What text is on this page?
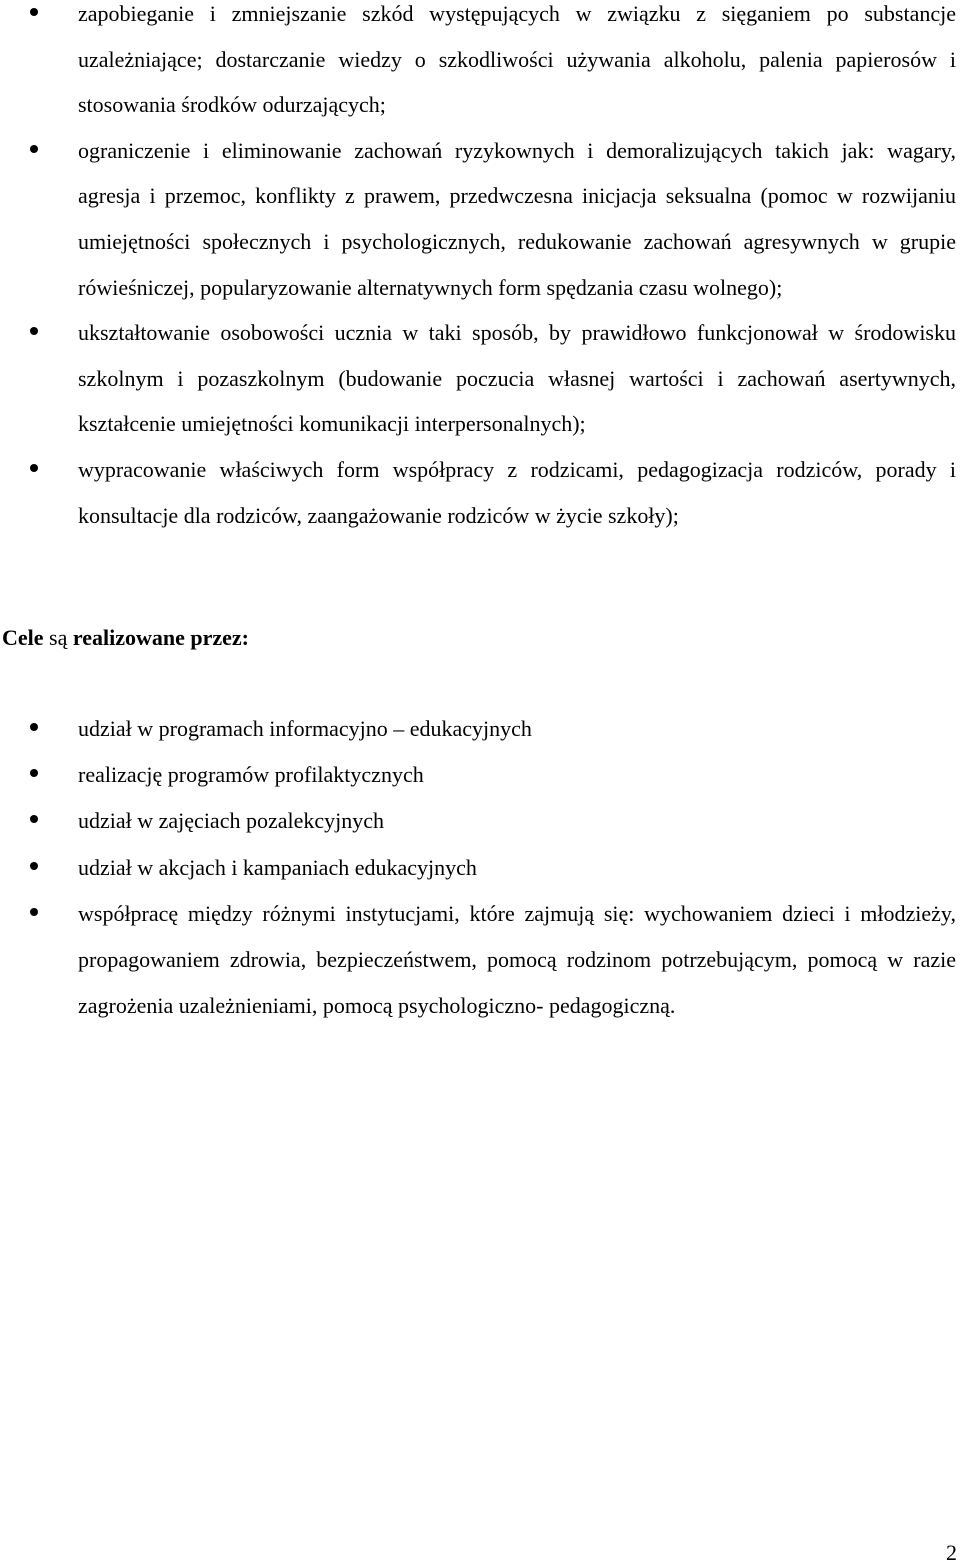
zapobieganie i zmniejszanie szkód występujących w związku z sięganiem po substancje uzależniające; dostarczanie wiedzy o szkodliwości używania alkoholu, palenia papierosów i stosowania środków odurzających;
ograniczenie i eliminowanie zachowań ryzykownych i demoralizujących takich jak: wagary, agresja i przemoc, konflikty z prawem, przedwczesna inicjacja seksualna (pomoc w rozwijaniu umiejętności społecznych i psychologicznych, redukowanie zachowań agresywnych w grupie rówieśniczej, popularyzowanie alternatywnych form spędzania czasu wolnego);
ukształtowanie osobowości ucznia w taki sposób, by prawidłowo funkcjonował w środowisku szkolnym i pozaszkolnym (budowanie poczucia własnej wartości i zachowań asertywnych, kształcenie umiejętności komunikacji interpersonalnych);
wypracowanie właściwych form współpracy z rodzicami, pedagogizacja rodziców, porady i konsultacje dla rodziców, zaangażowanie rodziców w życie szkoły);
Cele są realizowane przez:
udział w programach informacyjno – edukacyjnych
realizację programów profilaktycznych
udział w zajęciach pozalekcyjnych
udział w akcjach i kampaniach edukacyjnych
współpracę między różnymi instytucjami, które zajmują się: wychowaniem dzieci i młodzieży, propagowaniem zdrowia, bezpieczeństwem, pomocą rodzinom potrzebującym, pomocą w razie zagrożenia uzależnieniami, pomocą psychologiczno- pedagogiczną.
2
